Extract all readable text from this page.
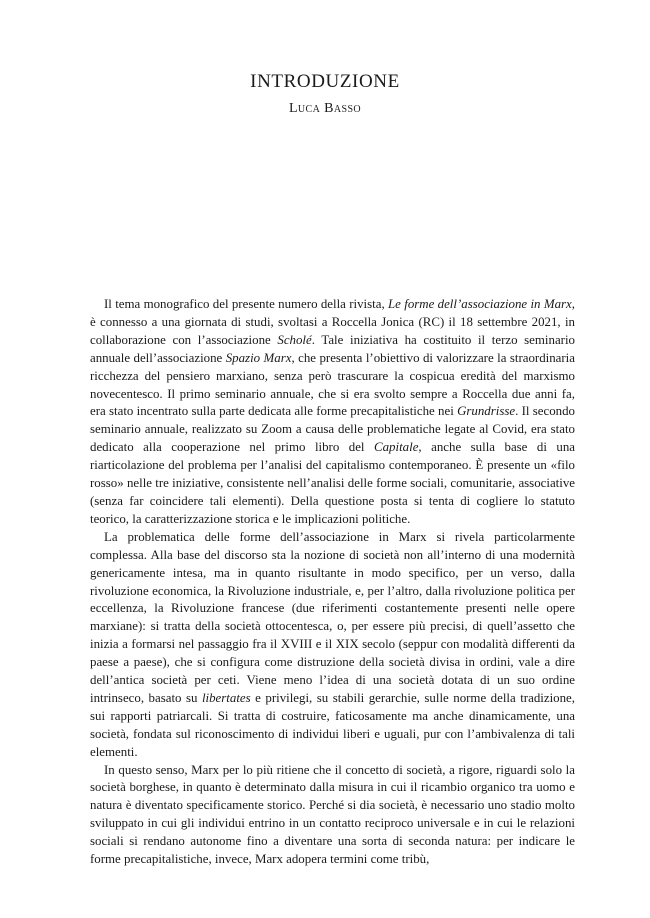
INTRODUZIONE
Luca Basso

Il tema monografico del presente numero della rivista, Le forme dell’associazione in Marx, è connesso a una giornata di studi, svoltasi a Roccella Jonica (RC) il 18 settembre 2021, in collaborazione con l’associazione Scholé. Tale iniziativa ha costituito il terzo seminario annuale dell’associazione Spazio Marx, che presenta l’obiettivo di valorizzare la straordinaria ricchezza del pensiero marxiano, senza però trascurare la cospicua eredità del marxismo novecentesco. Il primo seminario annuale, che si era svolto sempre a Roccella due anni fa, era stato incentrato sulla parte dedicata alle forme precapitalistiche nei Grundrisse. Il secondo seminario annuale, realizzato su Zoom a causa delle problematiche legate al Covid, era stato dedicato alla cooperazione nel primo libro del Capitale, anche sulla base di una riarticolazione del problema per l’analisi del capitalismo contemporaneo. È presente un «filo rosso» nelle tre iniziative, consistente nell’analisi delle forme sociali, comunitarie, associative (senza far coincidere tali elementi). Della questione posta si tenta di cogliere lo statuto teorico, la caratterizzazione storica e le implicazioni politiche.

La problematica delle forme dell’associazione in Marx si rivela particolarmente complessa. Alla base del discorso sta la nozione di società non all’interno di una modernità genericamente intesa, ma in quanto risultante in modo specifico, per un verso, dalla rivoluzione economica, la Rivoluzione industriale, e, per l’altro, dalla rivoluzione politica per eccellenza, la Rivoluzione francese (due riferimenti costantemente presenti nelle opere marxiane): si tratta della società ottocentesca, o, per essere più precisi, di quell’assetto che inizia a formarsi nel passaggio fra il XVIII e il XIX secolo (seppur con modalità differenti da paese a paese), che si configura come distruzione della società divisa in ordini, vale a dire dell’antica società per ceti. Viene meno l’idea di una società dotata di un suo ordine intrinseco, basato su libertates e privilegi, su stabili gerarchie, sulle norme della tradizione, sui rapporti patriarcali. Si tratta di costruire, faticosamente ma anche dinamicamente, una società, fondata sul riconoscimento di individui liberi e uguali, pur con l’ambivalenza di tali elementi.

In questo senso, Marx per lo più ritiene che il concetto di società, a rigore, riguardi solo la società borghese, in quanto è determinato dalla misura in cui il ricambio organico tra uomo e natura è diventato specificamente storico. Perché si dia società, è necessario uno stadio molto sviluppato in cui gli individui entrino in un contatto reciproco universale e in cui le relazioni sociali si rendano autonome fino a diventare una sorta di seconda natura: per indicare le forme precapitalistiche, invece, Marx adopera termini come tribù,
